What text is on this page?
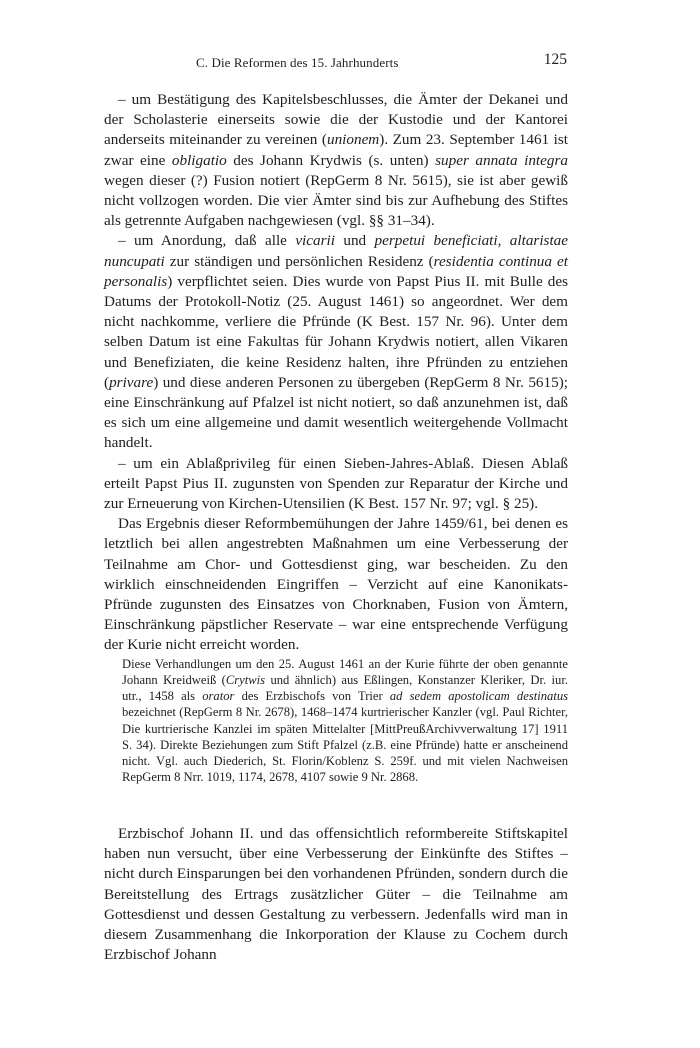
C. Die Reformen des 15. Jahrhunderts	125

– um Bestätigung des Kapitelsbeschlusses, die Ämter der Dekanei und der Scholasterie einerseits sowie die der Kustodie und der Kantorei anderseits miteinander zu vereinen (unionem). Zum 23. September 1461 ist zwar eine obligatio des Johann Krydwis (s. unten) super annata integra wegen dieser (?) Fusion notiert (RepGerm 8 Nr. 5615), sie ist aber gewiß nicht vollzogen worden. Die vier Ämter sind bis zur Aufhebung des Stiftes als getrennte Aufgaben nachgewiesen (vgl. §§ 31–34).

– um Anordung, daß alle vicarii und perpetui beneficiati, altaristae nuncupati zur ständigen und persönlichen Residenz (residentia continua et personalis) verpflichtet seien. Dies wurde von Papst Pius II. mit Bulle des Datums der Protokoll-Notiz (25. August 1461) so angeordnet. Wer dem nicht nachkomme, verliere die Pfründe (K Best. 157 Nr. 96). Unter dem selben Datum ist eine Fakultas für Johann Krydwis notiert, allen Vikaren und Benefiziaten, die keine Residenz halten, ihre Pfründen zu entziehen (privare) und diese anderen Personen zu übergeben (RepGerm 8 Nr. 5615); eine Einschränkung auf Pfalzel ist nicht notiert, so daß anzunehmen ist, daß es sich um eine allgemeine und damit wesentlich weitergehende Vollmacht handelt.

– um ein Ablaßprivileg für einen Sieben-Jahres-Ablaß. Diesen Ablaß erteilt Papst Pius II. zugunsten von Spenden zur Reparatur der Kirche und zur Erneuerung von Kirchen-Utensilien (K Best. 157 Nr. 97; vgl. § 25).

Das Ergebnis dieser Reformbemühungen der Jahre 1459/61, bei denen es letztlich bei allen angestrebten Maßnahmen um eine Verbesserung der Teilnahme am Chor- und Gottesdienst ging, war bescheiden. Zu den wirklich einschneidenden Eingriffen – Verzicht auf eine Kanonikats-Pfründe zugunsten des Einsatzes von Chorknaben, Fusion von Ämtern, Einschränkung päpstlicher Reservate – war eine entsprechende Verfügung der Kurie nicht erreicht worden.

Diese Verhandlungen um den 25. August 1461 an der Kurie führte der oben genannte Johann Kreidweiß (Crytwis und ähnlich) aus Eßlingen, Konstanzer Kleriker, Dr. iur. utr., 1458 als orator des Erzbischofs von Trier ad sedem apostolicam destinatus bezeichnet (RepGerm 8 Nr. 2678), 1468–1474 kurtrierischer Kanzler (vgl. Paul Richter, Die kurtrierische Kanzlei im späten Mittelalter [MittPreußArchivverwaltung 17] 1911 S. 34). Direkte Beziehungen zum Stift Pfalzel (z.B. eine Pfründe) hatte er anscheinend nicht. Vgl. auch Diederich, St. Florin/Koblenz S. 259f. und mit vielen Nachweisen RepGerm 8 Nrr. 1019, 1174, 2678, 4107 sowie 9 Nr. 2868.

Erzbischof Johann II. und das offensichtlich reformbereite Stiftskapitel haben nun versucht, über eine Verbesserung der Einkünfte des Stiftes – nicht durch Einsparungen bei den vorhandenen Pfründen, sondern durch die Bereitstellung des Ertrags zusätzlicher Güter – die Teilnahme am Gottesdienst und dessen Gestaltung zu verbessern. Jedenfalls wird man in diesem Zusammenhang die Inkorporation der Klause zu Cochem durch Erzbischof Johann
